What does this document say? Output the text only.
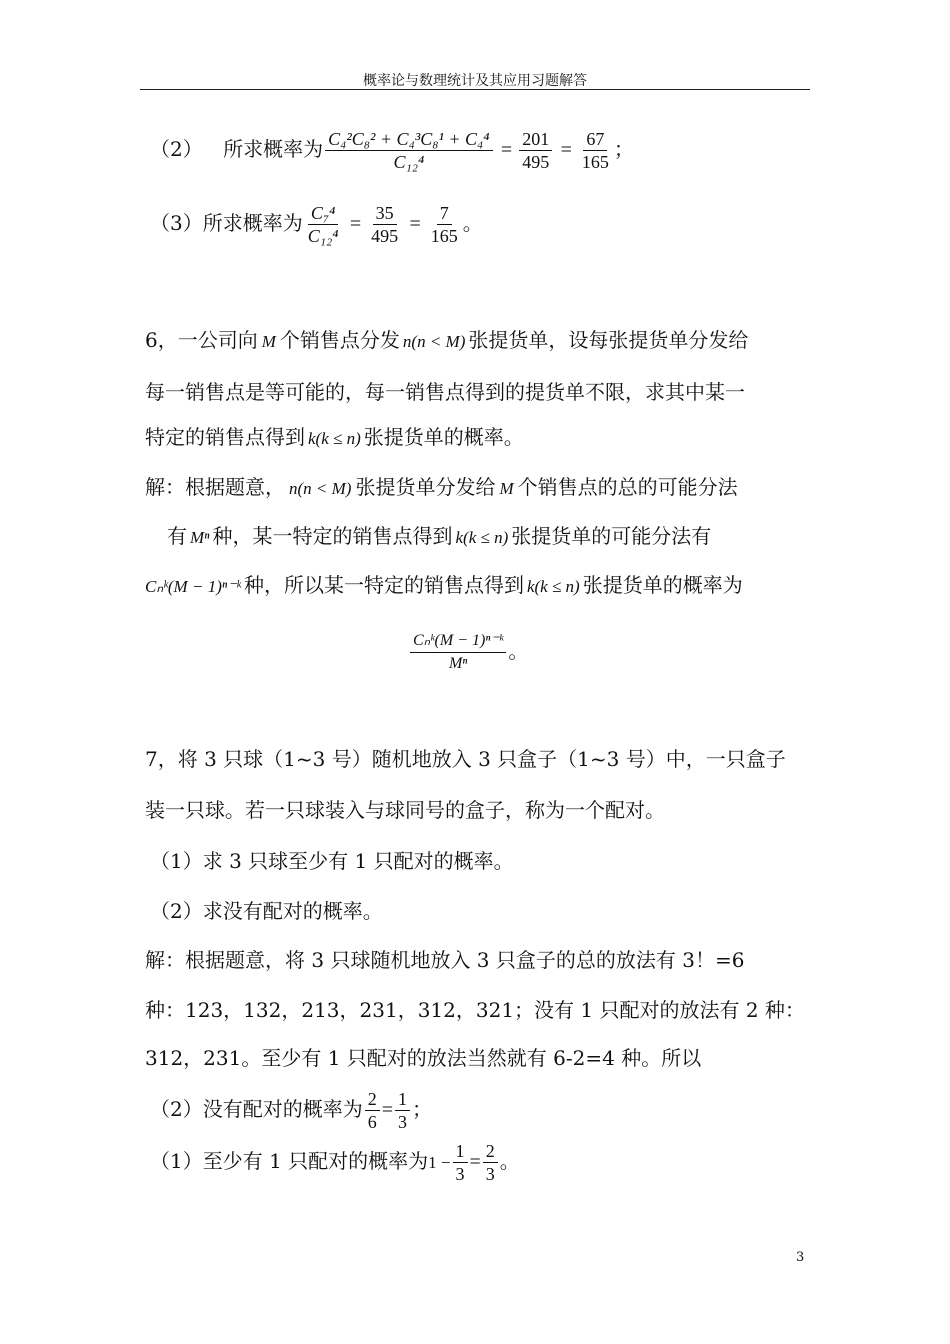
概率论与数理统计及其应用习题解答
（2） 所求概率为 $\frac{\text{C₄²C₈² + C₄³C₈¹ + C₄⁴}}{\text{C₁₂⁴}} = \frac{201}{495} = \frac{67}{165}$ ；
（3）所求概率为 $\frac{\text{C₇⁴}}{\text{C₁₂⁴}} = \frac{35}{495} = \frac{7}{165}$ 。
6，一公司向 M 个销售点分发 n(n < M) 张提货单，设每张提货单分发给
每一销售点是等可能的，每一销售点得到的提货单不限，求其中某一
特定的销售点得到 k(k ≤ n) 张提货单的概率。
解：根据题意， n(n < M) 张提货单分发给 M 个销售点的总的可能分法
有 Mⁿ 种，某一特定的销售点得到 k(k ≤ n) 张提货单的可能分法有
Cₙᵏ(M − 1)ⁿ⁻ᵏ 种，所以某一特定的销售点得到 k(k ≤ n) 张提货单的概率为
$\frac{\text{Cₙᵏ(M − 1)ⁿ⁻ᵏ}}{\text{Mⁿ}}$ 。
7，将 3 只球（1~3 号）随机地放入 3 只盒子（1~3 号）中，一只盒子
装一只球。若一只球装入与球同号的盒子，称为一个配对。
（1）求 3 只球至少有 1 只配对的概率。
（2）求没有配对的概率。
解：根据题意，将 3 只球随机地放入 3 只盒子的总的放法有 3！=6
种：123，132，213，231，312，321；没有 1 只配对的放法有 2 种：
312，231。至少有 1 只配对的放法当然就有 6-2=4 种。所以
（2）没有配对的概率为 $\frac{2}{6} = \frac{1}{3}$ ；
（1）至少有 1 只配对的概率为$1 - \frac{1}{3} = \frac{2}{3}$ 。
3
